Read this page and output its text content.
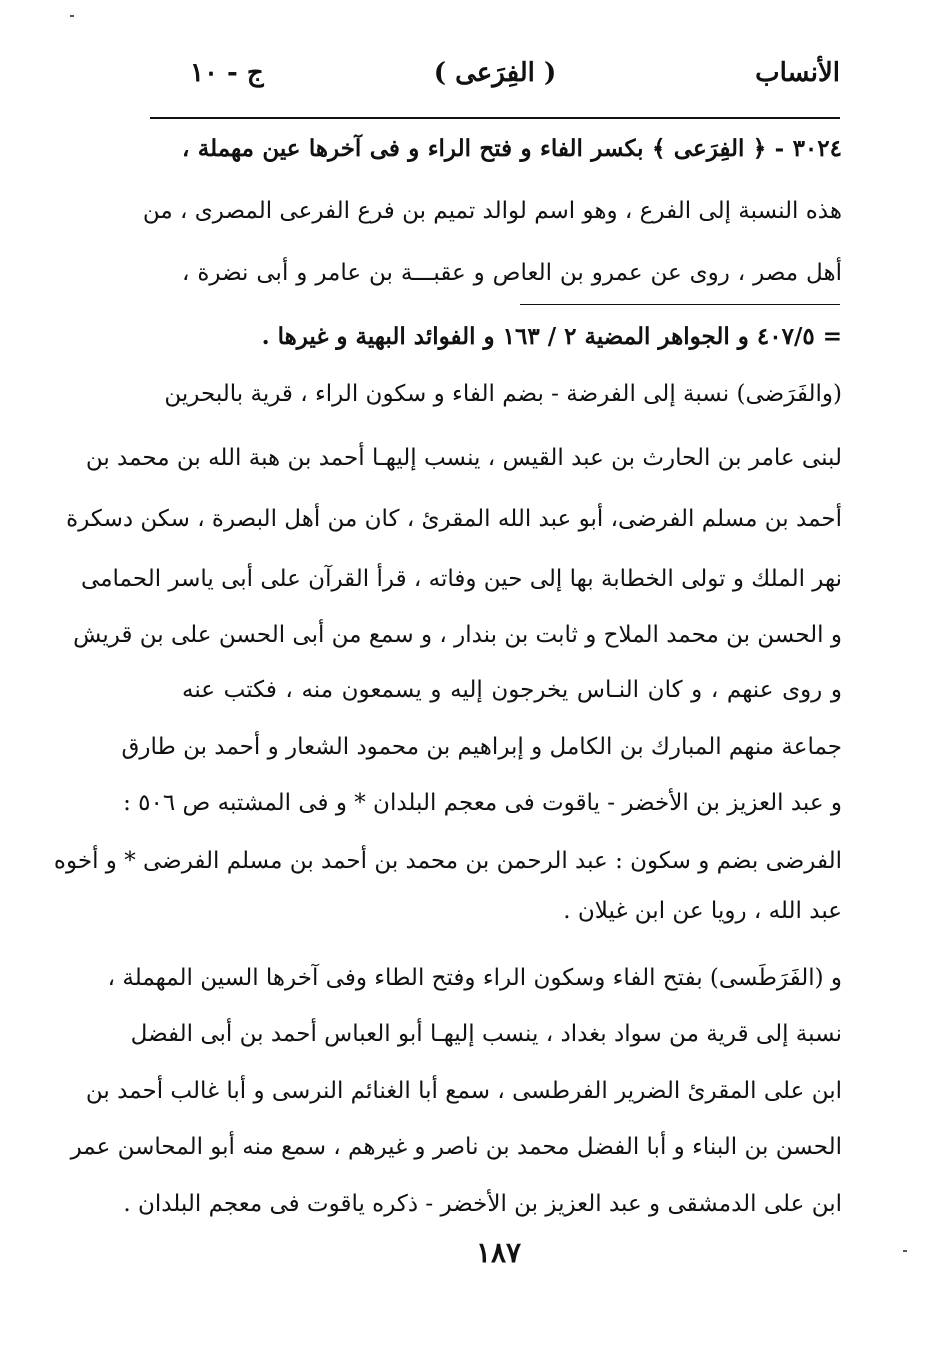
الأنساب
( الفِرَعى )
ج - ١٠
٣٠٢٤ - ﴿ الفِرَعى ﴾ بكسر الفاء و فتح الراء و فى آخرها عين مهملة ،
هذه النسبة إلى الفرع ، وهو اسم لوالد تميم بن فرع الفرعى المصرى ، من
أهل مصر ، روى عن عمرو بن العاص و عقبـــة بن عامر و أبى نضرة ،
= ٤٠٧/٥ و الجواهر المضية ٢ / ١٦٣ و الفوائد البهية و غيرها .
(والفَرَضى) نسبة إلى الفرضة - بضم الفاء و سكون الراء ، قرية بالبحرين
لبنى عامر بن الحارث بن عبد القيس ، ينسب إليهـا أحمد بن هبة الله بن محمد بن
أحمد بن مسلم الفرضى، أبو عبد الله المقرئ ، كان من أهل البصرة ، سكن دسكرة
نهر الملك و تولى الخطابة بها إلى حين وفاته ، قرأ القرآن على أبى ياسر الحمامى
و الحسن بن محمد الملاح و ثابت بن بندار ، و سمع من أبى الحسن على بن قريش
و روى عنهم ، و كان النـاس يخرجون إليه و يسمعون منه ، فكتب عنه
جماعة منهم المبارك بن الكامل و إبراهيم بن محمود الشعار و أحمد بن طارق
و عبد العزيز بن الأخضر - ياقوت فى معجم البلدان * و فى المشتبه ص ٥٠٦ :
الفرضى بضم و سكون : عبد الرحمن بن محمد بن أحمد بن مسلم الفرضى * و أخوه
عبد الله ، رويا عن ابن غيلان .
و (الفَرَطَسى) بفتح الفاء وسكون الراء وفتح الطاء وفى آخرها السين المهملة ،
نسبة إلى قرية من سواد بغداد ، ينسب إليهـا أبو العباس أحمد بن أبى الفضل
ابن على المقرئ الضرير الفرطسى ، سمع أبا الغنائم النرسى و أبا غالب أحمد بن
الحسن بن البناء و أبا الفضل محمد بن ناصر و غيرهم ، سمع منه أبو المحاسن عمر
ابن على الدمشقى و عبد العزيز بن الأخضر - ذكره ياقوت فى معجم البلدان .
١٨٧
